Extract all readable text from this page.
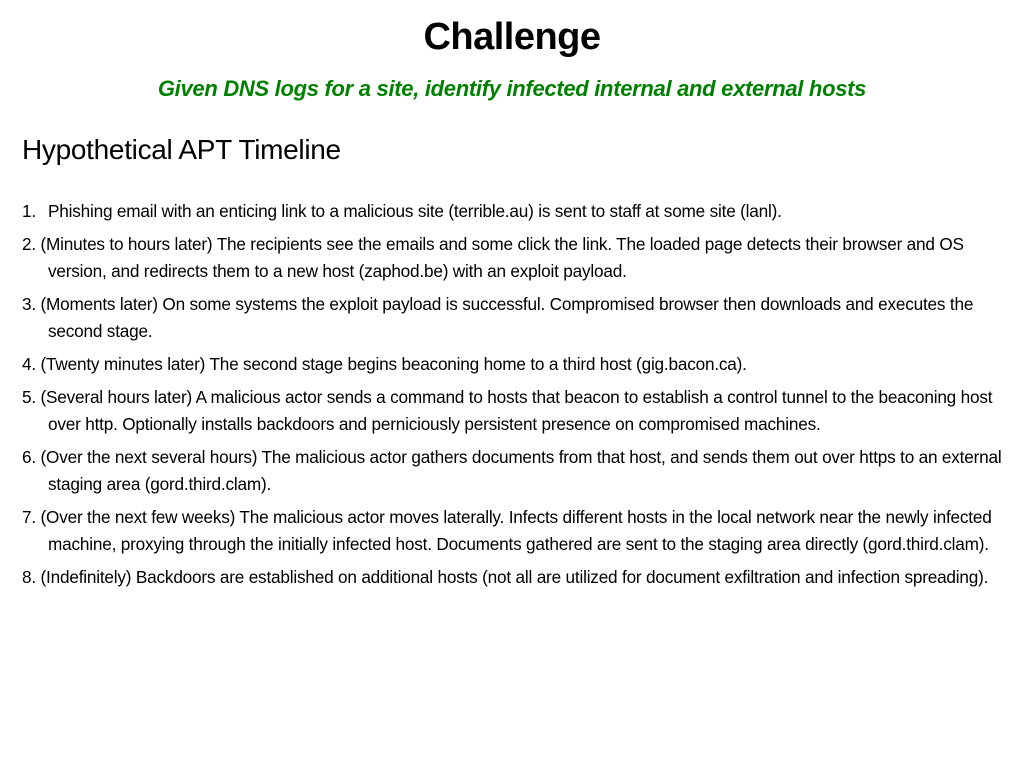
Challenge
Given DNS logs for a site, identify infected internal and external hosts
Hypothetical APT Timeline
1. Phishing email with an enticing link to a malicious site (terrible.au) is sent to staff at some site (lanl).
2. (Minutes to hours later) The recipients see the emails and some click the link. The loaded page detects their browser and OS version, and redirects them to a new host (zaphod.be) with an exploit payload.
3. (Moments later) On some systems the exploit payload is successful. Compromised browser then downloads and executes the second stage.
4. (Twenty minutes later) The second stage begins beaconing home to a third host (gig.bacon.ca).
5. (Several hours later) A malicious actor sends a command to hosts that beacon to establish a control tunnel to the beaconing host over http. Optionally installs backdoors and perniciously persistent presence on compromised machines.
6. (Over the next several hours) The malicious actor gathers documents from that host, and sends them out over https to an external staging area (gord.third.clam).
7. (Over the next few weeks) The malicious actor moves laterally. Infects different hosts in the local network near the newly infected machine, proxying through the initially infected host. Documents gathered are sent to the staging area directly (gord.third.clam).
8. (Indefinitely) Backdoors are established on additional hosts (not all are utilized for document exfiltration and infection spreading).
